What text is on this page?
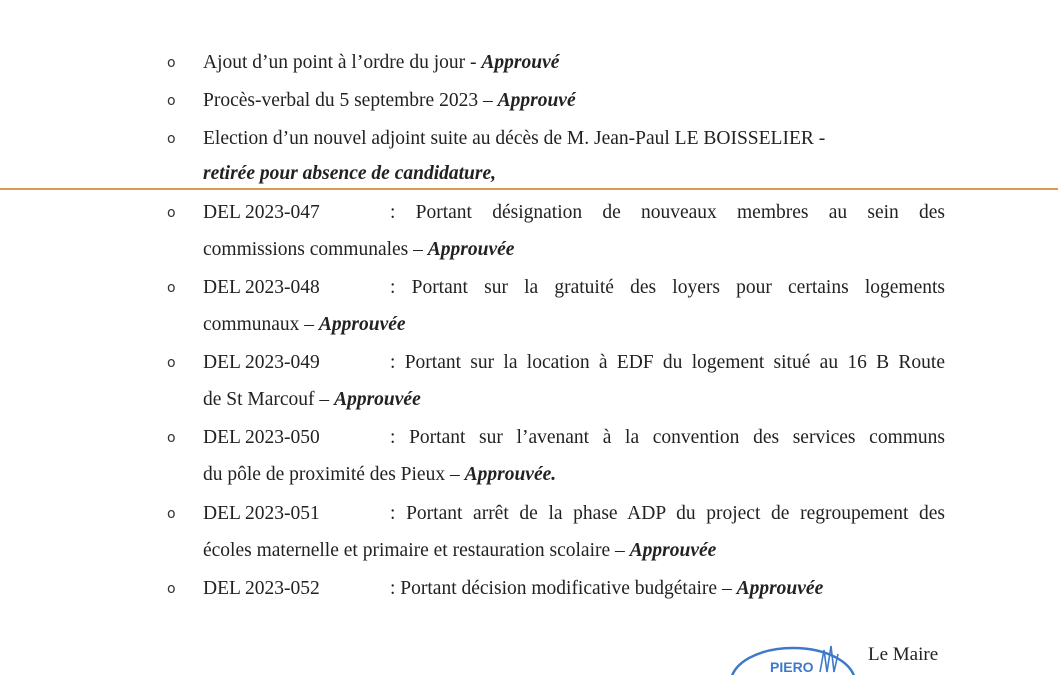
o Ajout d’un point à l’ordre du jour - Approuvé
o Procès-verbal du 5 septembre 2023 – Approuvé
o Election d’un nouvel adjoint suite au décès de M. Jean-Paul LE BOISSELIER -
retirée pour absence de candidature,
o DEL 2023-047	: Portant désignation de nouveaux membres au sein des
commissions communales – Approuvée
o DEL 2023-048	: Portant sur la gratuité des loyers pour certains logements
communaux – Approuvée
o DEL 2023-049	: Portant sur la location à EDF du logement situé au 16 B Route
de St Marcouf – Approuvée
o DEL 2023-050	: Portant sur l’avenant à la convention des services communs
du pôle de proximité des Pieux – Approuvée.
o DEL 2023-051	: Portant arrêt de la phase ADP du project de regroupement des
écoles maternelle et primaire et restauration scolaire – Approuvée
o DEL 2023-052	: Portant décision modificative budgétaire – Approuvée
PIERO
Le Maire
